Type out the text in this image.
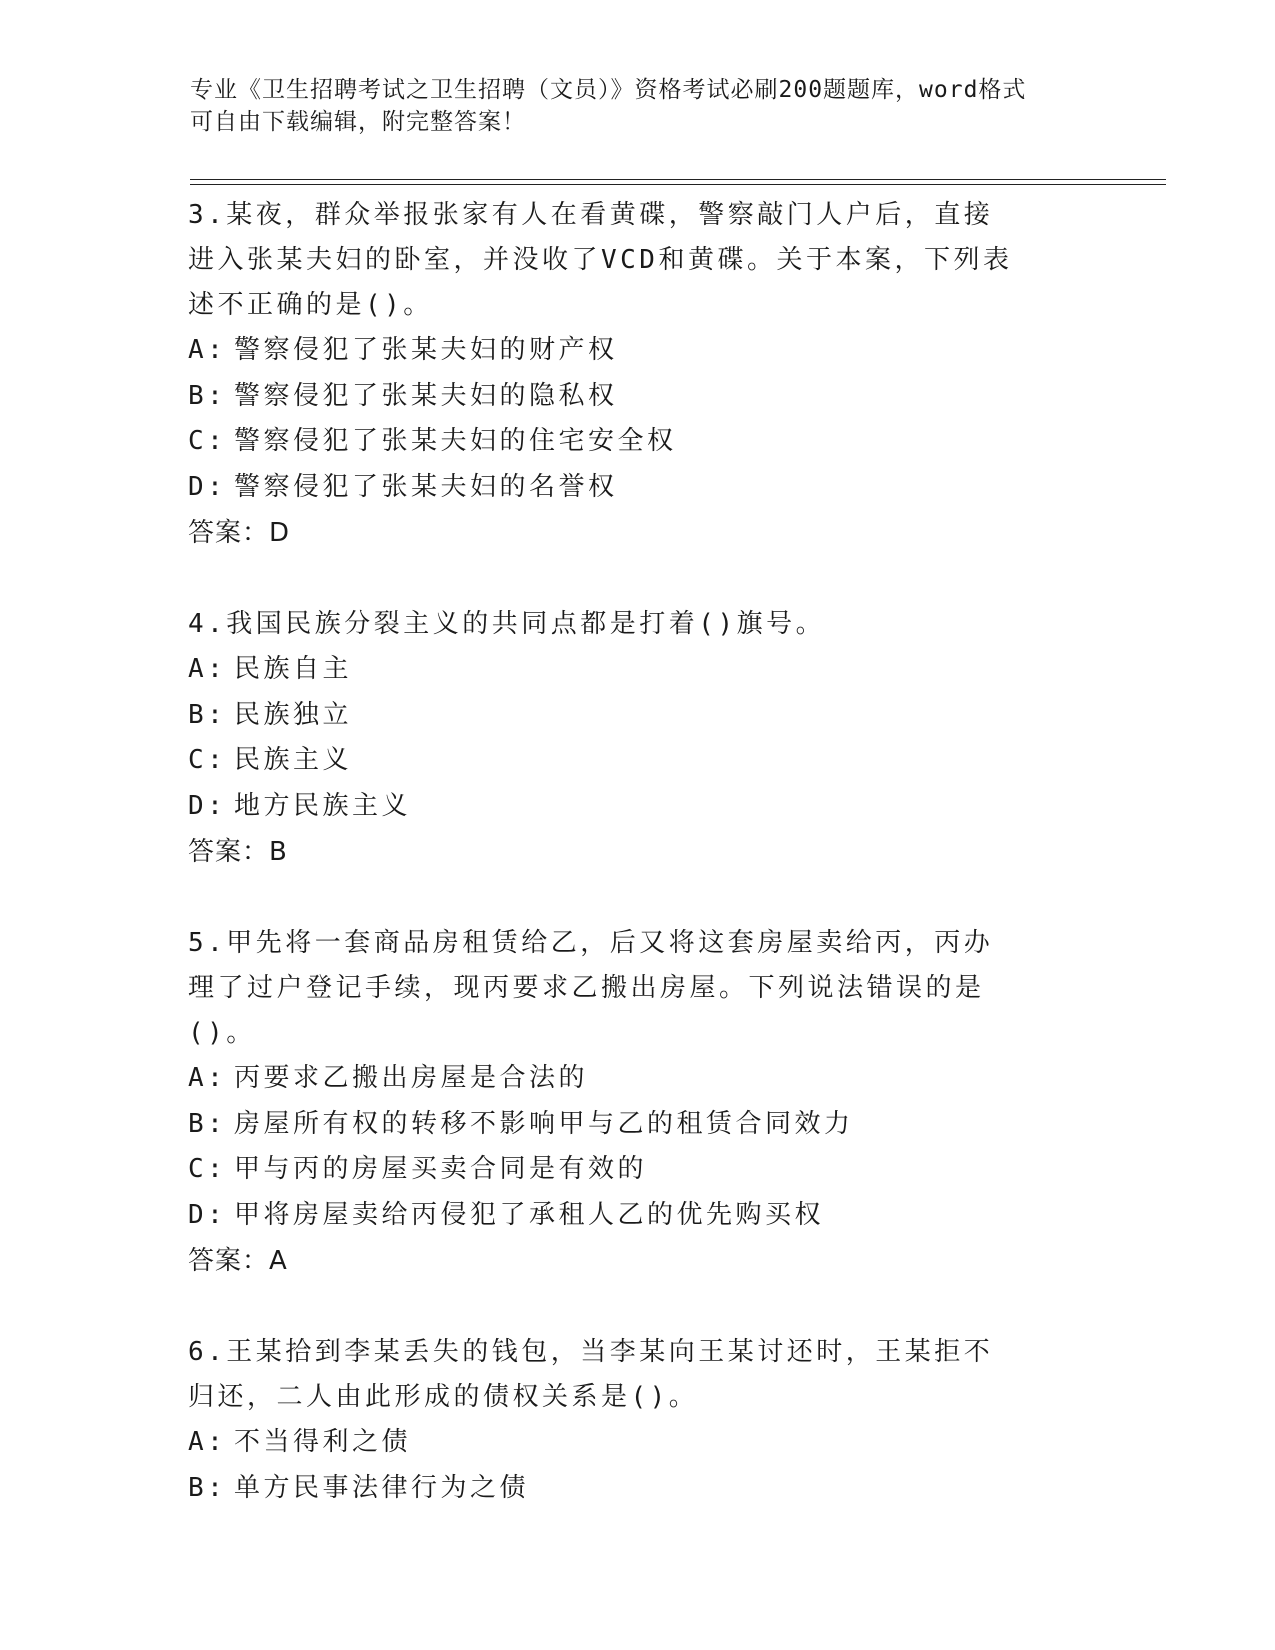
专业《卫生招聘考试之卫生招聘（文员）》资格考试必刷200题题库，word格式
可自由下载编辑，附完整答案！

3.某夜，群众举报张家有人在看黄碟，警察敲门人户后，直接进入张某夫妇的卧室，并没收了VCD和黄碟。关于本案，下列表述不正确的是()。

A: 警察侵犯了张某夫妇的财产权

B: 警察侵犯了张某夫妇的隐私权

C: 警察侵犯了张某夫妇的住宅安全权

D: 警察侵犯了张某夫妇的名誉权

答案：D

4.我国民族分裂主义的共同点都是打着()旗号。

A: 民族自主

B: 民族独立

C: 民族主义

D: 地方民族主义

答案：B

5.甲先将一套商品房租赁给乙，后又将这套房屋卖给丙，丙办理了过户登记手续，现丙要求乙搬出房屋。下列说法错误的是()。

A: 丙要求乙搬出房屋是合法的

B: 房屋所有权的转移不影响甲与乙的租赁合同效力

C: 甲与丙的房屋买卖合同是有效的

D: 甲将房屋卖给丙侵犯了承租人乙的优先购买权

答案：A

6.王某拾到李某丢失的钱包，当李某向王某讨还时，王某拒不归还，二人由此形成的债权关系是()。

A: 不当得利之债

B: 单方民事法律行为之债
